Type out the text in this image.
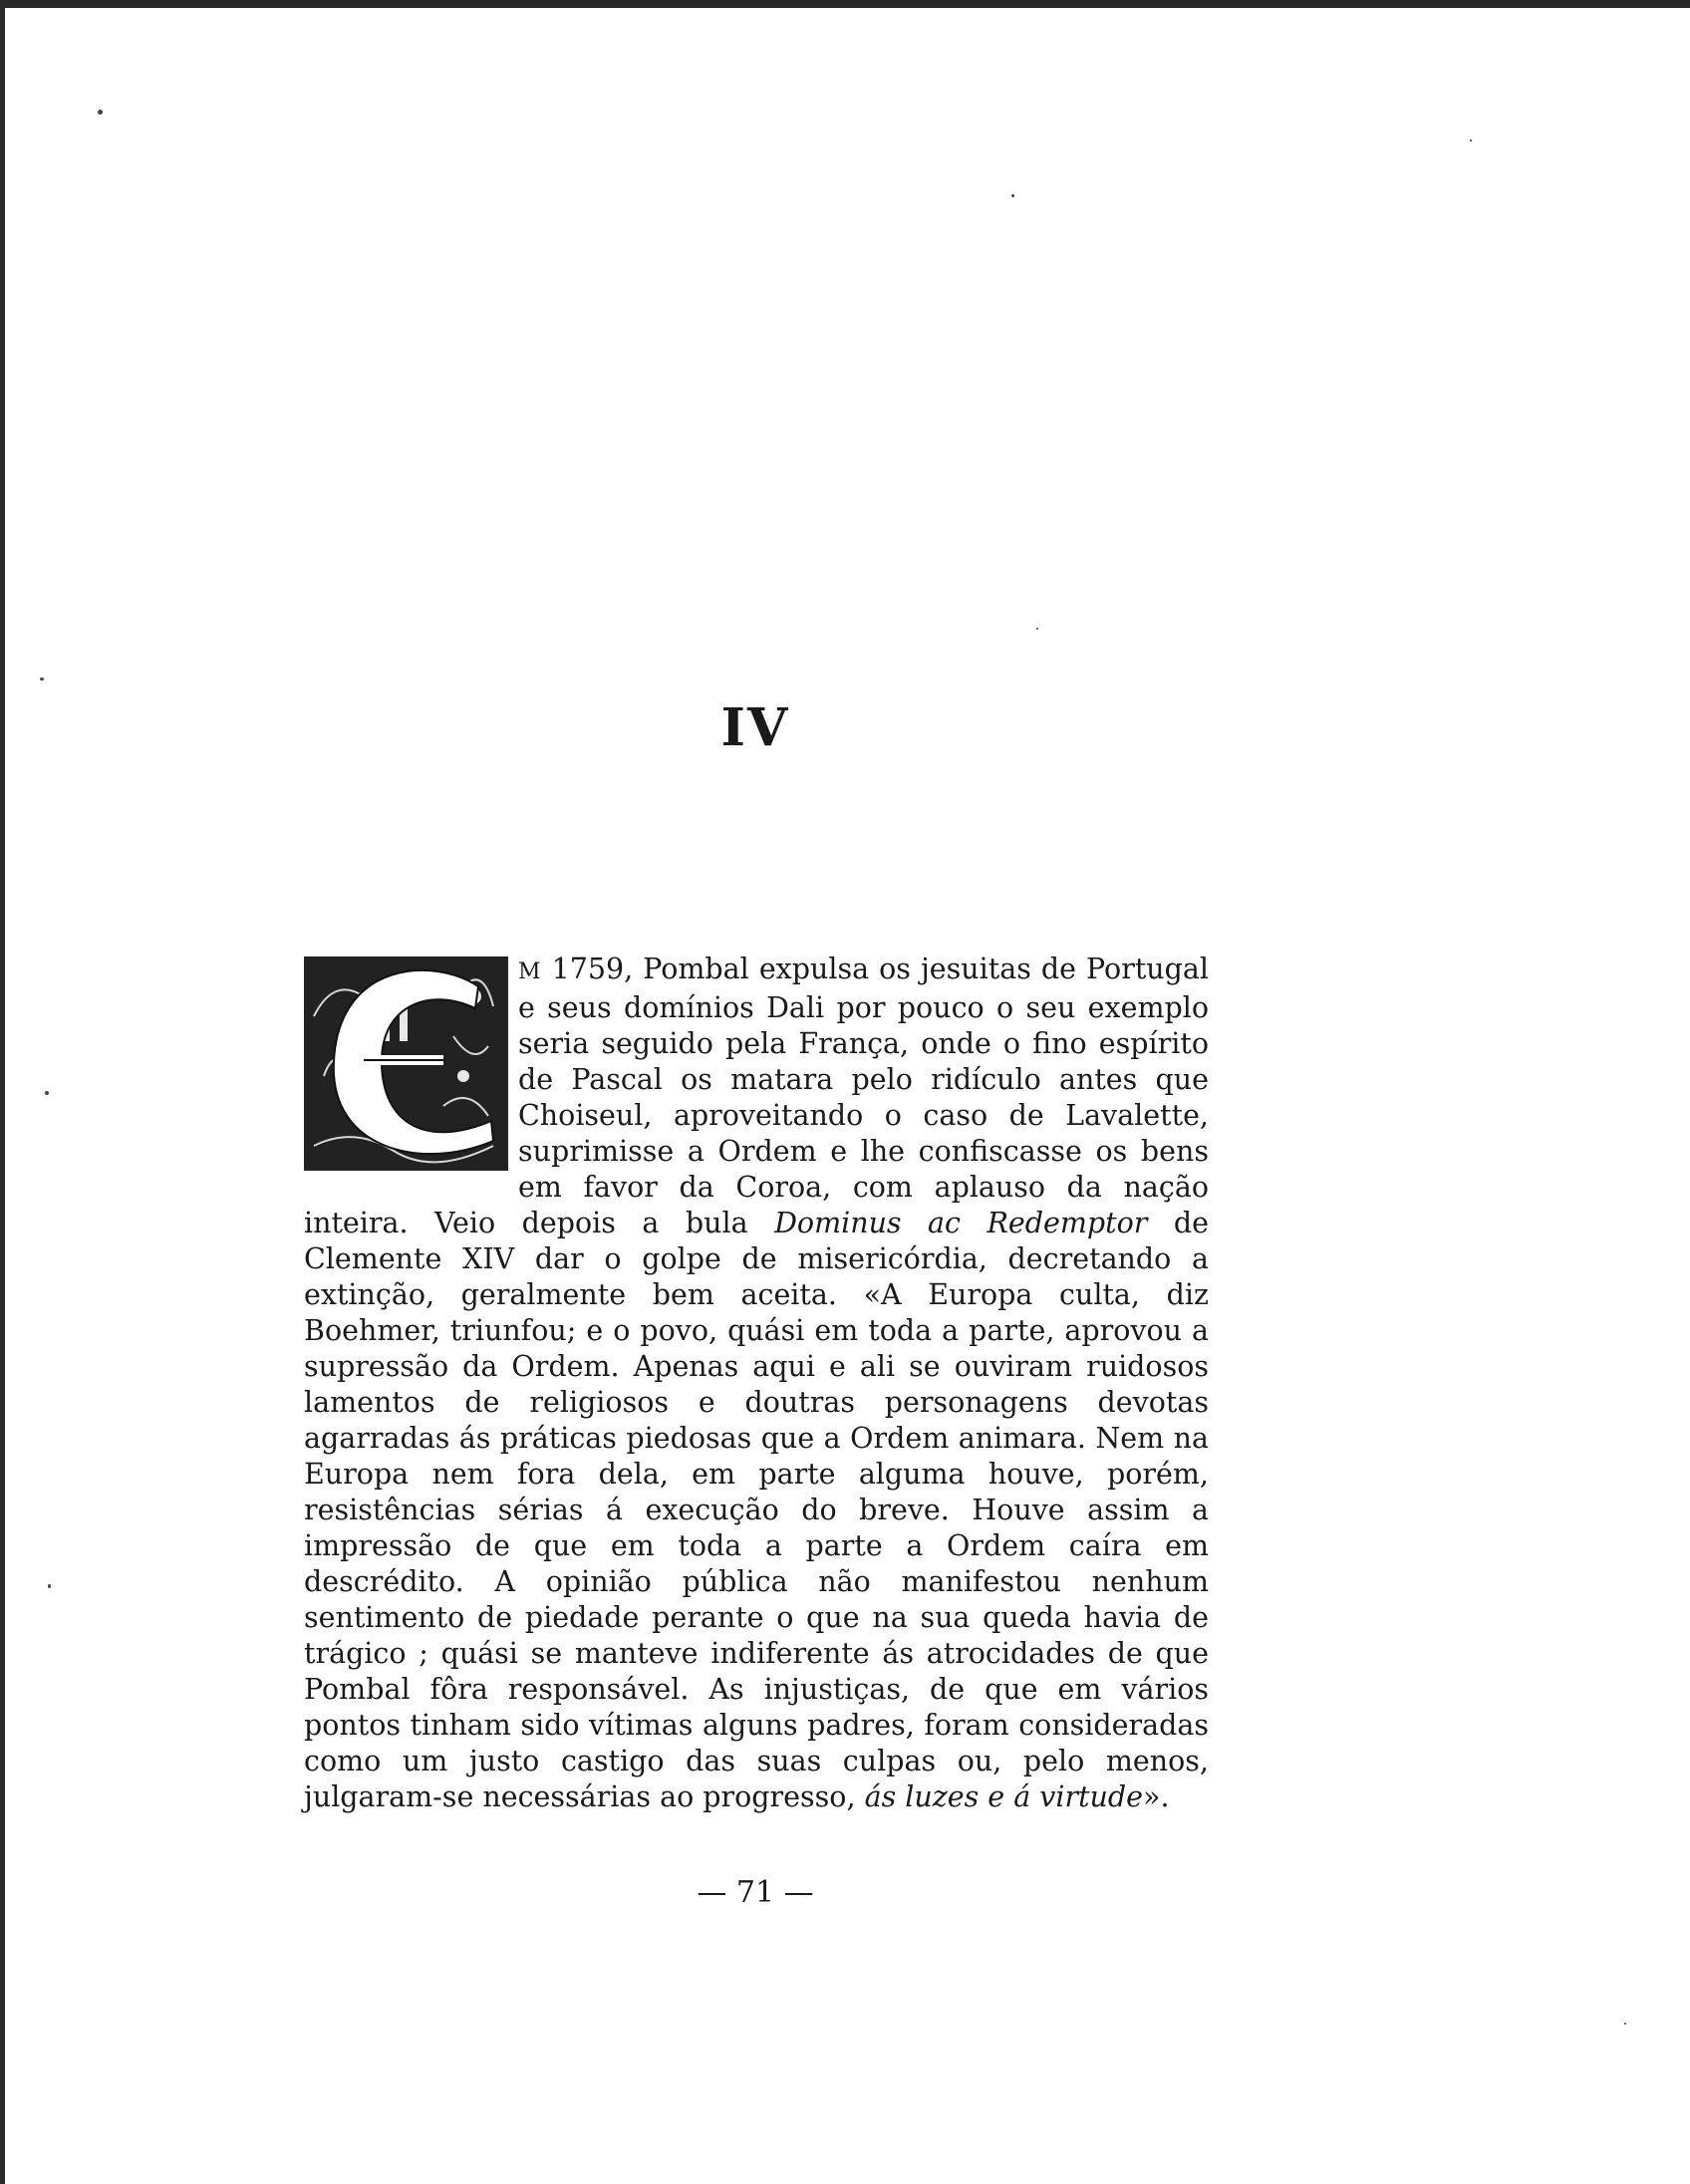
IV

M 1759, Pombal expulsa os jesuitas de Portugal e seus domínios Dali por pouco o seu exemplo seria seguido pela França, onde o fino espírito de Pascal os matara pelo ridículo antes que Choiseul, aproveitando o caso de Lavalette, suprimisse a Ordem e lhe confiscasse os bens em favor da Coroa, com aplauso da nação inteira. Veio depois a bula Dominus ac Redemptor de Clemente XIV dar o golpe de misericórdia, decretando a extinção, geralmente bem aceita. «A Europa culta, diz Boehmer, triunfou; e o povo, quási em toda a parte, aprovou a supressão da Ordem. Apenas aqui e ali se ouviram ruidosos lamentos de religiosos e doutras personagens devotas agarradas ás práticas piedosas que a Ordem animara. Nem na Europa nem fora dela, em parte alguma houve, porém, resistências sérias á execução do breve. Houve assim a impressão de que em toda a parte a Ordem caíra em descrédito. A opinião pública não manifestou nenhum sentimento de piedade perante o que na sua queda havia de trágico ; quási se manteve indiferente ás atrocidades de que Pombal fôra responsável. As injustiças, de que em vários pontos tinham sido vítimas alguns padres, foram consideradas como um justo castigo das suas culpas ou, pelo menos, julgaram-se necessárias ao progresso, ás luzes e á virtude».

— 71 —
